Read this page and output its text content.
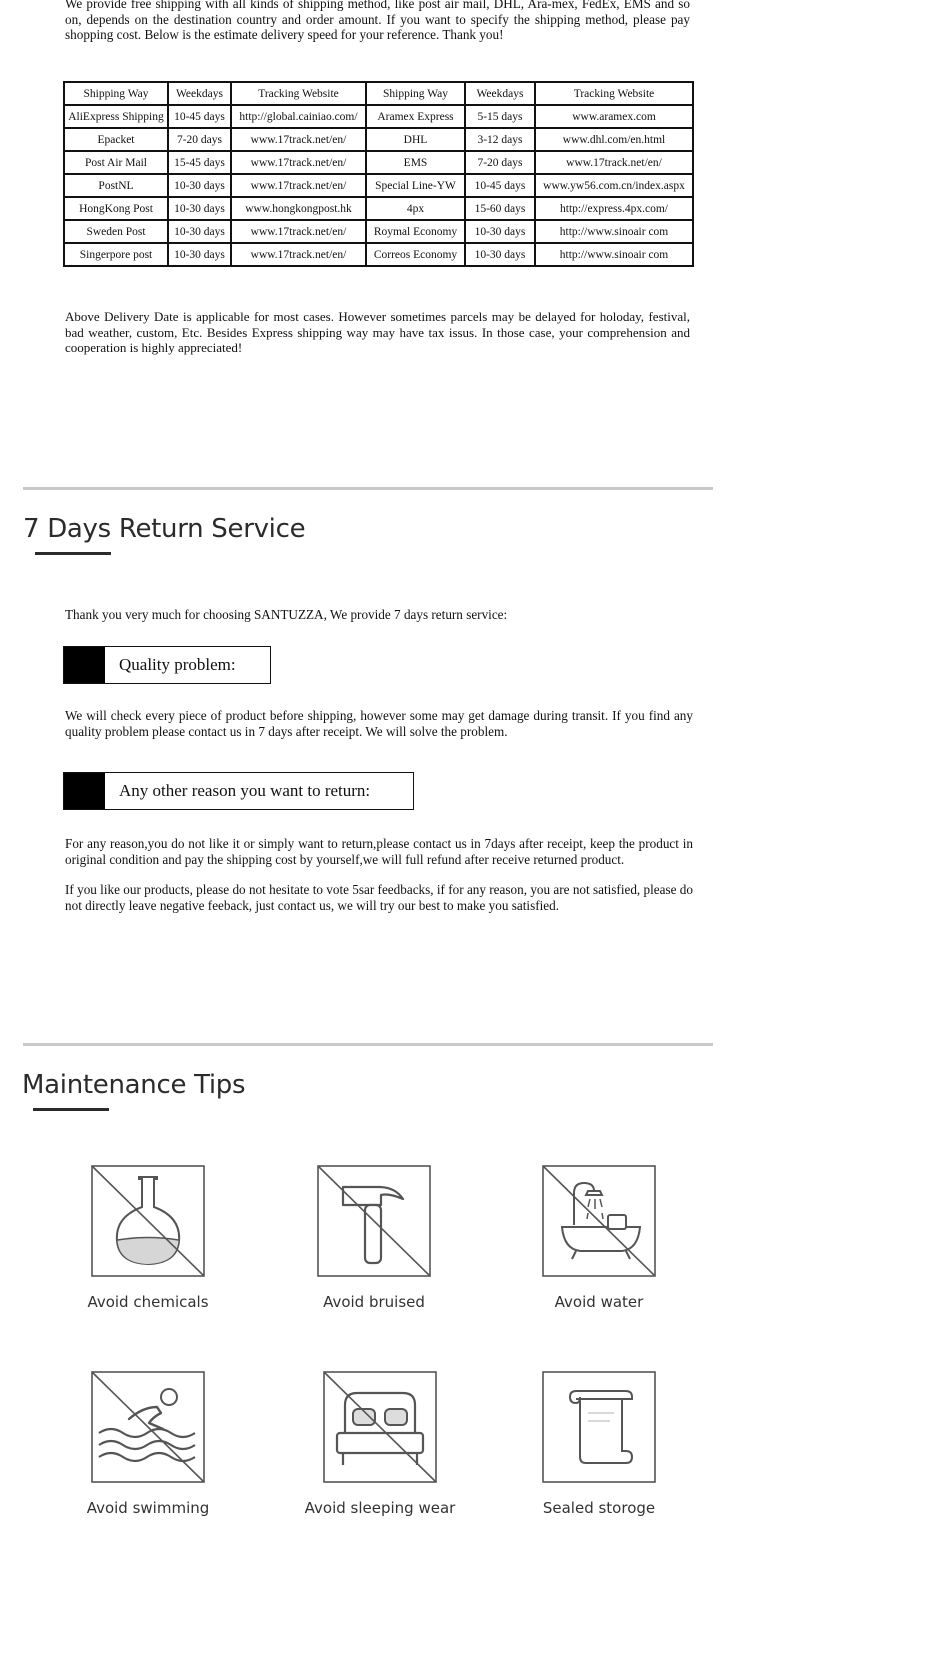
We provide free shipping with all kinds of shipping method, like post air mail, DHL, Ara-mex, FedEx, EMS and so on, depends on the destination country and order amount. If you want to specify the shipping method, please pay shopping cost. Below is the estimate delivery speed for your reference. Thank you!

Shipping Way	Weekdays	Tracking Website	Shipping Way	Weekdays	Tracking Website
AliExpress Shipping	10-45 days	http://global.cainiao.com/	Aramex Express	5-15 days	www.aramex.com
Epacket	7-20 days	www.17track.net/en/	DHL	3-12 days	www.dhl.com/en.html
Post Air Mail	15-45 days	www.17track.net/en/	EMS	7-20 days	www.17track.net/en/
PostNL	10-30 days	www.17track.net/en/	Special Line-YW	10-45 days	www.yw56.com.cn/index.aspx
HongKong Post	10-30 days	www.hongkongpost.hk	4px	15-60 days	http://express.4px.com/
Sweden Post	10-30 days	www.17track.net/en/	Roymal Economy	10-30 days	http://www.sinoair com
Singerpore post	10-30 days	www.17track.net/en/	Correos Economy	10-30 days	http://www.sinoair com

Above Delivery Date is applicable for most cases. However sometimes parcels may be delayed for holoday, festival, bad weather, custom, Etc. Besides Express shipping way may have tax issus. In those case, your comprehension and cooperation is highly appreciated!

7 Days Return Service

Thank you very much for choosing SANTUZZA, We provide 7 days return service:

Quality problem:

We will check every piece of product before shipping, however some may get damage during transit. If you find any quality problem please contact us in 7 days after receipt. We will solve the problem.

Any other reason you want to return:

For any reason,you do not like it or simply want to return,please contact us in 7days after receipt, keep the product in original condition and pay the shipping cost by yourself,we will full refund after receive returned product.

If you like our products, please do not hesitate to vote 5sar feedbacks, if for any reason, you are not satisfied, please do not directly leave negative feeback, just contact us, we will try our best to make you satisfied.

Maintenance Tips
Avoid chemicals	Avoid bruised	Avoid water
Avoid swimming	Avoid sleeping wear	Sealed storoge
